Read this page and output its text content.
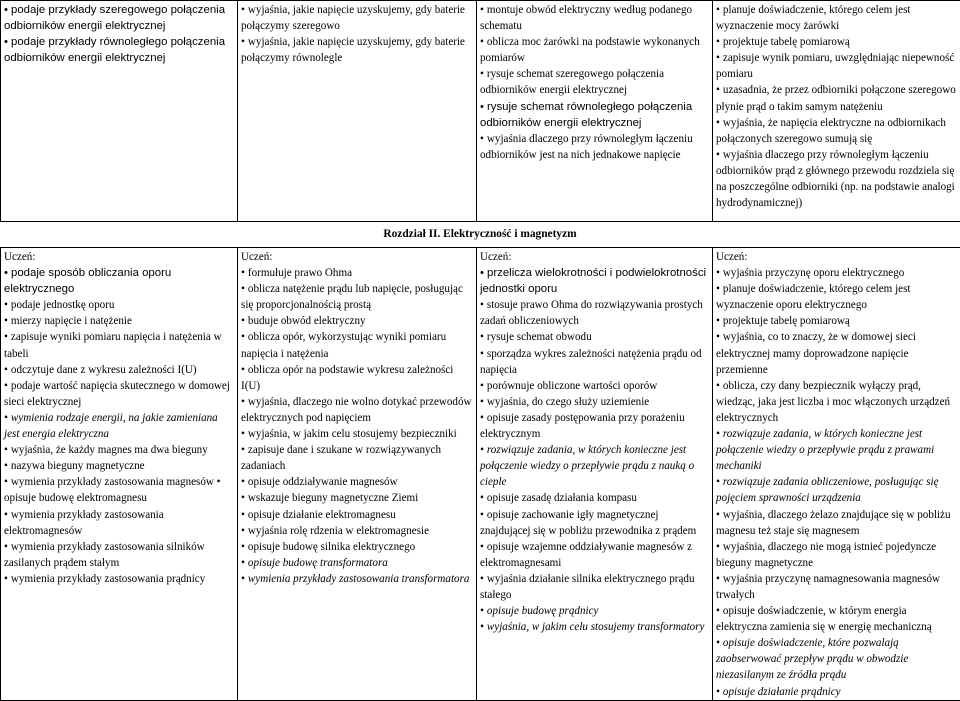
• podaje przykłady szeregowego połączenia odbiorników energii elektrycznej
• podaje przykłady równoległego połączenia odbiorników energii elektrycznej

• wyjaśnia, jakie napięcie uzyskujemy, gdy baterie połączymy szeregowo
• wyjaśnia, jakie napięcie uzyskujemy, gdy baterie połączymy równolegle

• montuje obwód elektryczny według podanego schematu
• oblicza moc żarówki na podstawie wykonanych pomiarów
• rysuje schemat szeregowego połączenia odbiorników energii elektrycznej
• rysuje schemat równoległego połączenia odbiorników energii elektrycznej
• wyjaśnia dlaczego przy równoległym łączeniu odbiorników jest na nich jednakowe napięcie

• planuje doświadczenie, którego celem jest wyznaczenie mocy żarówki
• projektuje tabelę pomiarową
• zapisuje wynik pomiaru, uwzględniając niepewność pomiaru
• uzasadnia, że przez odbiorniki połączone szeregowo płynie prąd o takim samym natężeniu
• wyjaśnia, że napięcia elektryczne na odbiornikach połączonych szeregowo sumują się
• wyjaśnia dlaczego przy równoległym łączeniu odbiorników prąd z głównego przewodu rozdziela się na poszczególne odbiorniki (np. na podstawie analogi hydrodynamicznej)
Rozdział II. Elektryczność i magnetyzm
Uczeń:
• podaje sposób obliczania oporu elektrycznego
• podaje jednostkę oporu
• mierzy napięcie i natężenie
• zapisuje wyniki pomiaru napięcia i natężenia w tabeli
• odczytuje dane z wykresu zależności I(U)
• podaje wartość napięcia skutecznego w domowej sieci elektrycznej
• wymienia rodzaje energii, na jakie zamieniana jest energia elektryczna
• wyjaśnia, że każdy magnes ma dwa bieguny
• nazywa bieguny magnetyczne
• wymienia przykłady zastosowania magnesów • opisuje budowę elektromagnesu
• wymienia przykłady zastosowania elektromagnesów
• wymienia przykłady zastosowania silników zasilanych prądem stałym
• wymienia przykłady zastosowania prądnicy

Uczeń:
• formułuje prawo Ohma
• oblicza natężenie prądu lub napięcie, posługując się proporcjonalnością prostą
• buduje obwód elektryczny
• oblicza opór, wykorzystując wyniki pomiaru napięcia i natężenia
• oblicza opór na podstawie wykresu zależności I(U)
• wyjaśnia, dlaczego nie wolno dotykać przewodów elektrycznych pod napięciem
• wyjaśnia, w jakim celu stosujemy bezpieczniki
• zapisuje dane i szukane w rozwiązywanych zadaniach
• opisuje oddziaływanie magnesów
• wskazuje bieguny magnetyczne Ziemi
• opisuje działanie elektromagnesu
• wyjaśnia rolę rdzenia w elektromagnesie
• opisuje budowę silnika elektrycznego
• opisuje budowę transformatora
• wymienia przykłady zastosowania transformatora

Uczeń:
• przelicza wielokrotności i podwielokrotności jednostki oporu
• stosuje prawo Ohma do rozwiązywania prostych zadań obliczeniowych
• rysuje schemat obwodu
• sporządza wykres zależności natężenia prądu od napięcia
• porównuje obliczone wartości oporów
• wyjaśnia, do czego służy uziemienie
• opisuje zasady postępowania przy porażeniu elektrycznym
• rozwiązuje zadania, w których konieczne jest połączenie wiedzy o przepływie prądu z nauką o cieple
• opisuje zasadę działania kompasu
• opisuje zachowanie igły magnetycznej znajdującej się w pobliżu przewodnika z prądem
• opisuje wzajemne oddziaływanie magnesów z elektromagnesami
• wyjaśnia działanie silnika elektrycznego prądu stałego
• opisuje budowę prądnicy
• wyjaśnia, w jakim celu stosujemy transformatory

Uczeń:
• wyjaśnia przyczynę oporu elektrycznego
• planuje doświadczenie, którego celem jest wyznaczenie oporu elektrycznego
• projektuje tabelę pomiarową
• wyjaśnia, co to znaczy, że w domowej sieci elektrycznej mamy doprowadzone napięcie przemienne
• oblicza, czy dany bezpiecznik wyłączy prąd, wiedząc, jaka jest liczba i moc włączonych urządzeń elektrycznych
• rozwiązuje zadania, w których konieczne jest połączenie wiedzy o przepływie prądu z prawami mechaniki
• rozwiązuje zadania obliczeniowe, posługując się pojęciem sprawności urządzenia
• wyjaśnia, dlaczego żelazo znajdujące się w pobliżu magnesu też staje się magnesem
• wyjaśnia, dlaczego nie mogą istnieć pojedyncze bieguny magnetyczne
• wyjaśnia przyczynę namagnesowania magnesów trwałych
• opisuje doświadczenie, w którym energia elektryczna zamienia się w energię mechaniczną
• opisuje doświadczenie, które pozwalają zaobserwować przepływ prądu w obwodzie niezasilanym ze źródła prądu
• opisuje działanie prądnicy
